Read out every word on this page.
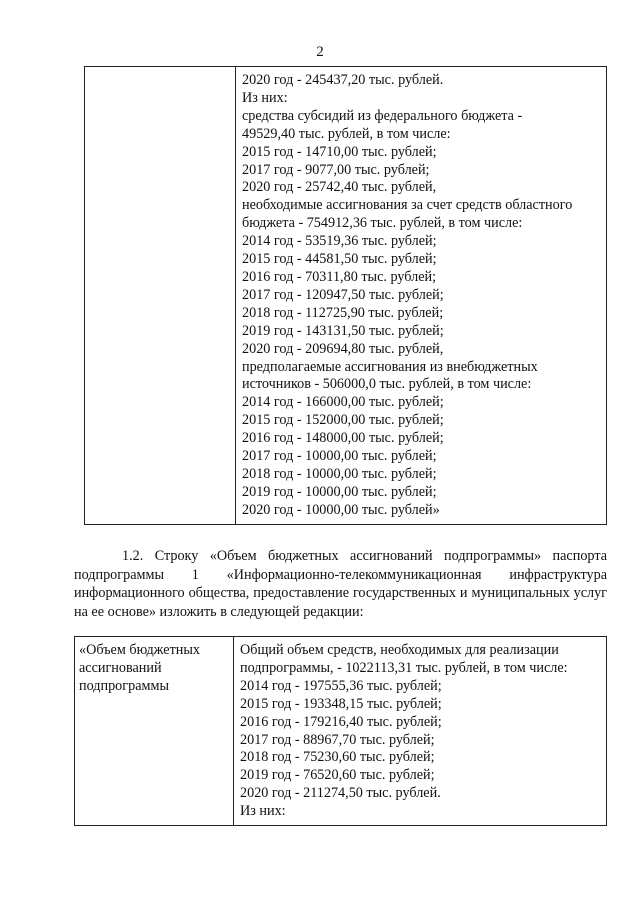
2

2020 год - 245437,20 тыс. рублей.
Из них:
средства субсидий из федерального бюджета -
49529,40 тыс. рублей, в том числе:
2015 год - 14710,00 тыс. рублей;
2017 год - 9077,00 тыс. рублей;
2020 год - 25742,40 тыс. рублей,
необходимые ассигнования за счет средств областного
бюджета - 754912,36 тыс. рублей, в том числе:
2014 год - 53519,36 тыс. рублей;
2015 год - 44581,50 тыс. рублей;
2016 год - 70311,80 тыс. рублей;
2017 год - 120947,50 тыс. рублей;
2018 год - 112725,90 тыс. рублей;
2019 год - 143131,50 тыс. рублей;
2020 год - 209694,80 тыс. рублей,
предполагаемые ассигнования из внебюджетных
источников - 506000,0 тыс. рублей, в том числе:
2014 год - 166000,00 тыс. рублей;
2015 год - 152000,00 тыс. рублей;
2016 год - 148000,00 тыс. рублей;
2017 год - 10000,00 тыс. рублей;
2018 год - 10000,00 тыс. рублей;
2019 год - 10000,00 тыс. рублей;
2020 год - 10000,00 тыс. рублей»
1.2. Строку «Объем бюджетных ассигнований подпрограммы» паспорта подпрограммы 1 «Информационно-телекоммуникационная инфраструктура информационного общества, предоставление государственных и муниципальных услуг на ее основе» изложить в следующей редакции:
«Объем бюджетных
ассигнований
подпрограммы

Общий объем средств, необходимых для реализации
подпрограммы, - 1022113,31 тыс. рублей, в том числе:
2014 год - 197555,36 тыс. рублей;
2015 год - 193348,15 тыс. рублей;
2016 год - 179216,40 тыс. рублей;
2017 год - 88967,70 тыс. рублей;
2018 год - 75230,60 тыс. рублей;
2019 год - 76520,60 тыс. рублей;
2020 год - 211274,50 тыс. рублей.
Из них:
